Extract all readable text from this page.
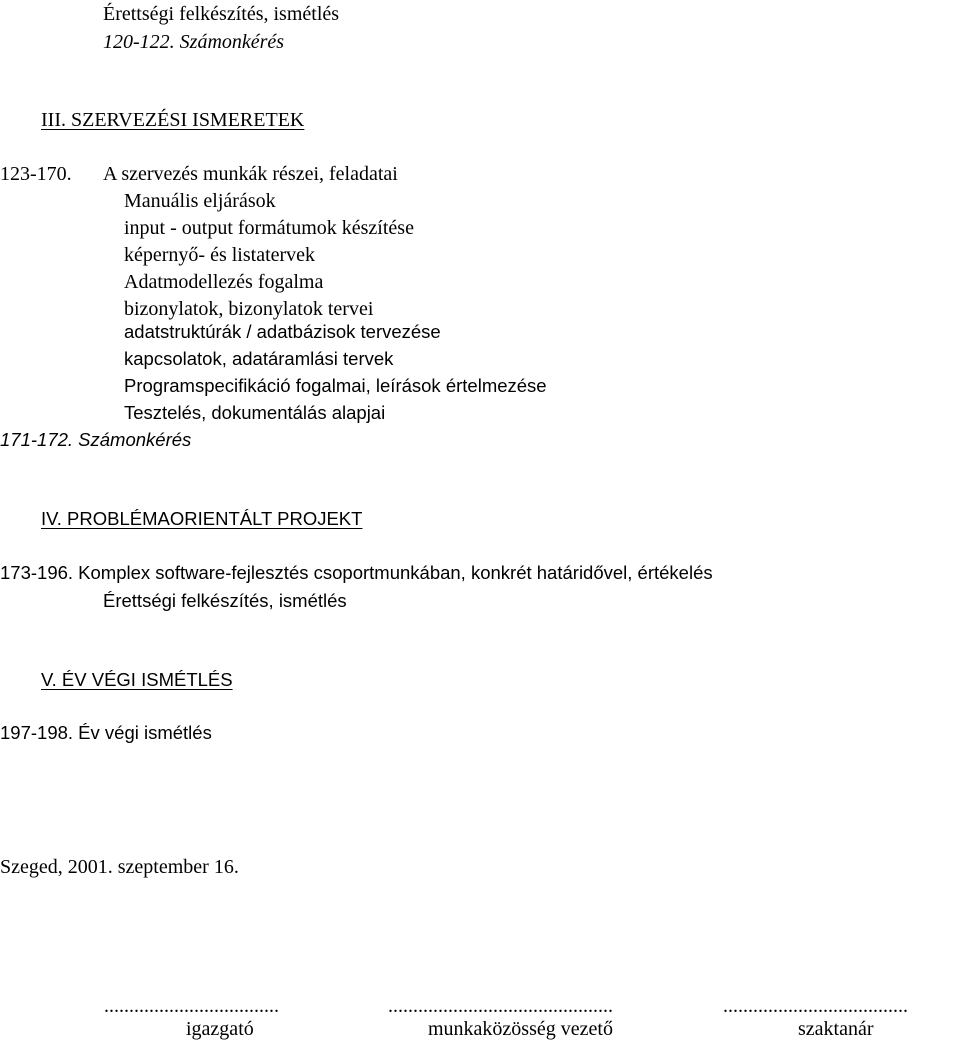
Érettségi felkészítés, ismétlés
120-122. Számonkérés
III. SZERVEZÉSI ISMERETEK
123-170. A szervezés munkák részei, feladatai
Manuális eljárások
input - output formátumok készítése
képernyő- és listatervek
Adatmodellezés fogalma
bizonylatok, bizonylatok tervei
adatstruktúrák / adatbázisok tervezése
kapcsolatok, adatáramlási tervek
Programspecifikáció fogalmai, leírások értelmezése
Tesztelés, dokumentálás alapjai
171-172. Számonkérés
IV. PROBLÉMAORIENTÁLT PROJEKT
173-196. Komplex software-fejlesztés csoportmunkában, konkrét határidővel, értékelés
Érettségi felkészítés, ismétlés
V. ÉV VÉGI ISMÉTLÉS
197-198. Év végi ismétlés
Szeged, 2001. szeptember 16.
...................................	.............................................	.....................................
igazgató	munkaközösség vezető	szaktanár
